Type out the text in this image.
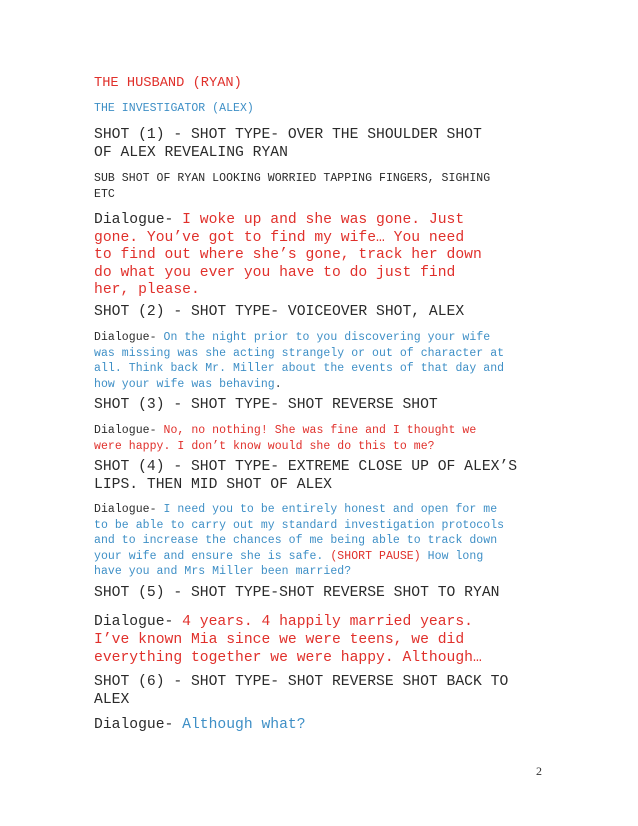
THE HUSBAND (RYAN)
THE INVESTIGATOR (ALEX)
SHOT (1) - SHOT TYPE- OVER THE SHOULDER SHOT
OF ALEX REVEALING RYAN
SUB SHOT OF RYAN LOOKING WORRIED TAPPING FINGERS, SIGHING
ETC
Dialogue- I woke up and she was gone. Just
gone. You’ve got to find my wife… You need
to find out where she’s gone, track her down
do what you ever you have to do just find
her, please.
SHOT (2) - SHOT TYPE- VOICEOVER SHOT, ALEX
Dialogue- On the night prior to you discovering your wife
was missing was she acting strangely or out of character at
all. Think back Mr. Miller about the events of that day and
how your wife was behaving.
SHOT (3) - SHOT TYPE- SHOT REVERSE SHOT
Dialogue- No, no nothing! She was fine and I thought we
were happy. I don’t know would she do this to me?
SHOT (4) - SHOT TYPE- EXTREME CLOSE UP OF ALEX’S
LIPS. THEN MID SHOT OF ALEX
Dialogue- I need you to be entirely honest and open for me
to be able to carry out my standard investigation protocols
and to increase the chances of me being able to track down
your wife and ensure she is safe. (SHORT PAUSE) How long
have you and Mrs Miller been married?
SHOT (5) - SHOT TYPE-SHOT REVERSE SHOT TO RYAN
Dialogue- 4 years. 4 happily married years.
I’ve known Mia since we were teens, we did
everything together we were happy. Although…
SHOT (6) - SHOT TYPE- SHOT REVERSE SHOT BACK TO
ALEX
Dialogue- Although what?
2
